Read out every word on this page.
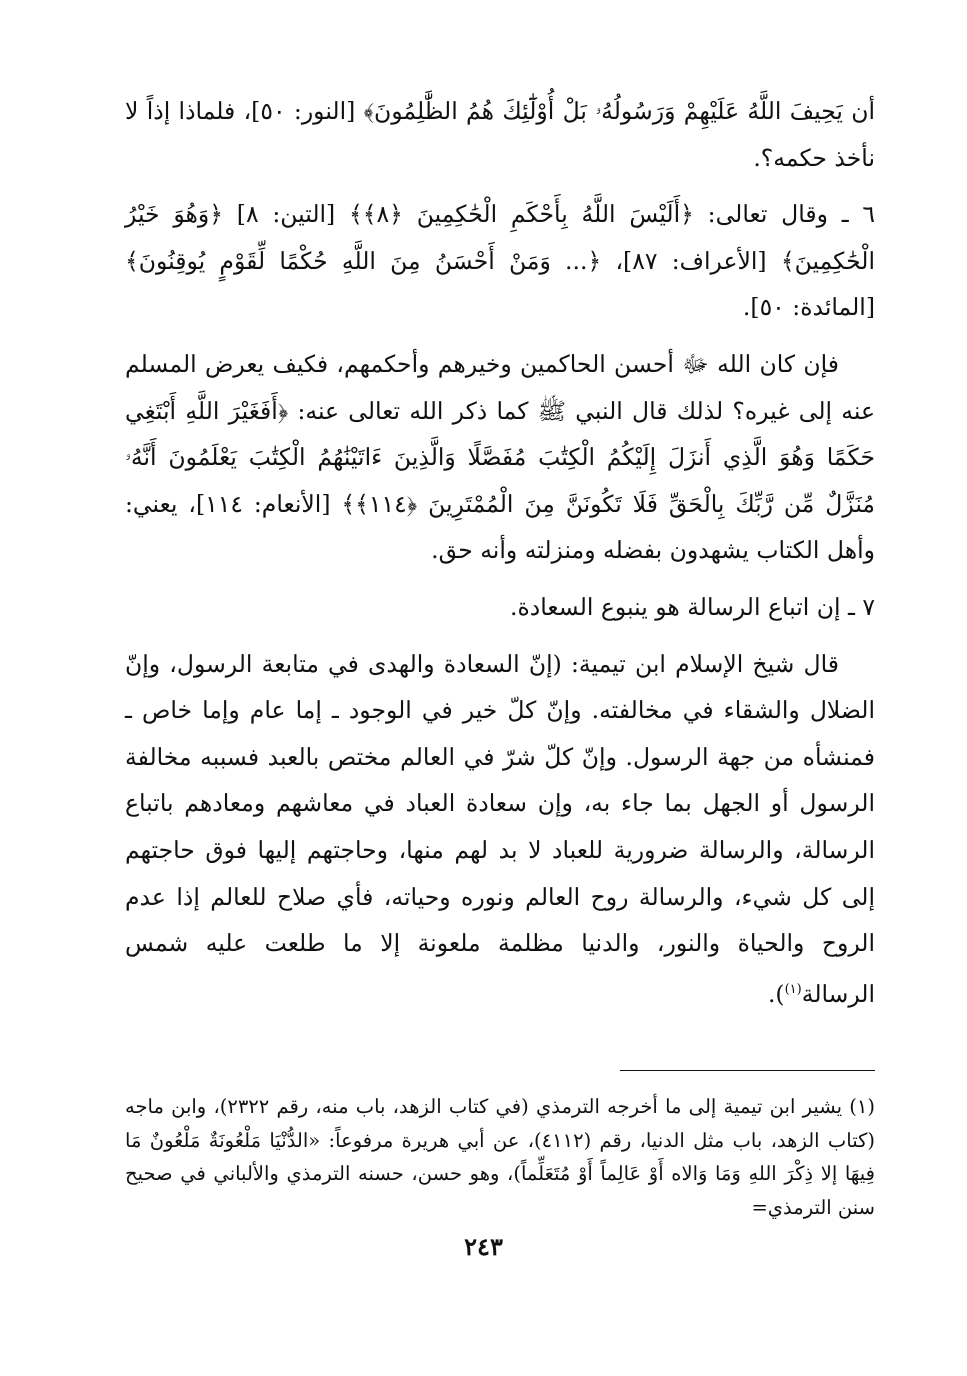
أن يَحِيفَ اللَّهُ عَلَيْهِمْ وَرَسُولُهُۥ بَلْ أُوْلَٰٓئِكَ هُمُ الظَّٰلِمُونَ﴾ [النور: ٥٠]، فلماذا إذاً لا نأخذ حكمه؟.

٦ ـ وقال تعالى: ﴿أَلَيْسَ اللَّهُ بِأَحْكَمِ الْحَٰكِمِينَ ﴿٨﴾﴾ [التين: ٨] ﴿وَهُوَ خَيْرُ الْحَٰكِمِينَ﴾ [الأعراف: ٨٧]، ﴿... وَمَنْ أَحْسَنُ مِنَ اللَّهِ حُكْمًا لِّقَوْمٍ يُوقِنُونَ﴾ [المائدة: ٥٠].

فإن كان الله ﷻ أحسن الحاكمين وخيرهم وأحكمهم، فكيف يعرض المسلم عنه إلى غيره؟ لذلك قال النبي ﷺ كما ذكر الله تعالى عنه: ﴿أَفَغَيْرَ اللَّهِ أَبْتَغِي حَكَمًا وَهُوَ الَّذِي أَنزَلَ إِلَيْكُمُ الْكِتَٰبَ مُفَصَّلًا وَالَّذِينَ ءَاتَيْنَٰهُمُ الْكِتَٰبَ يَعْلَمُونَ أَنَّهُۥ مُنَزَّلٌ مِّن رَّبِّكَ بِالْحَقِّ فَلَا تَكُونَنَّ مِنَ الْمُمْتَرِينَ ﴿١١٤﴾﴾ [الأنعام: ١١٤]، يعني: وأهل الكتاب يشهدون بفضله ومنزلته وأنه حق.

٧ ـ إن اتباع الرسالة هو ينبوع السعادة.

قال شيخ الإسلام ابن تيمية: (إنّ السعادة والهدى في متابعة الرسول، وإنّ الضلال والشقاء في مخالفته. وإنّ كلّ خير في الوجود ـ إما عام وإما خاص ـ فمنشأه من جهة الرسول. وإنّ كلّ شرّ في العالم مختص بالعبد فسببه مخالفة الرسول أو الجهل بما جاء به، وإن سعادة العباد في معاشهم ومعادهم باتباع الرسالة، والرسالة ضرورية للعباد لا بد لهم منها، وحاجتهم إليها فوق حاجتهم إلى كل شيء، والرسالة روح العالم ونوره وحياته، فأي صلاح للعالم إذا عدم الروح والحياة والنور، والدنيا مظلمة ملعونة إلا ما طلعت عليه شمس الرسالة$^{(١)}$).

(١) يشير ابن تيمية إلى ما أخرجه الترمذي (في كتاب الزهد، باب منه، رقم ٢٣٢٢)، وابن ماجه (كتاب الزهد، باب مثل الدنيا، رقم (٤١١٢)، عن أبي هريرة مرفوعاً: «الدُّنْيَا مَلْعُونَةٌ مَلْعُونٌ مَا فِيهَا إلا ذِكْرَ اللهِ وَمَا وَالاه أَوْ عَالِماً أَوْ مُتَعَلِّماً)، وهو حسن، حسنه الترمذي والألباني في صحيح سنن الترمذي=

٢٤٣
